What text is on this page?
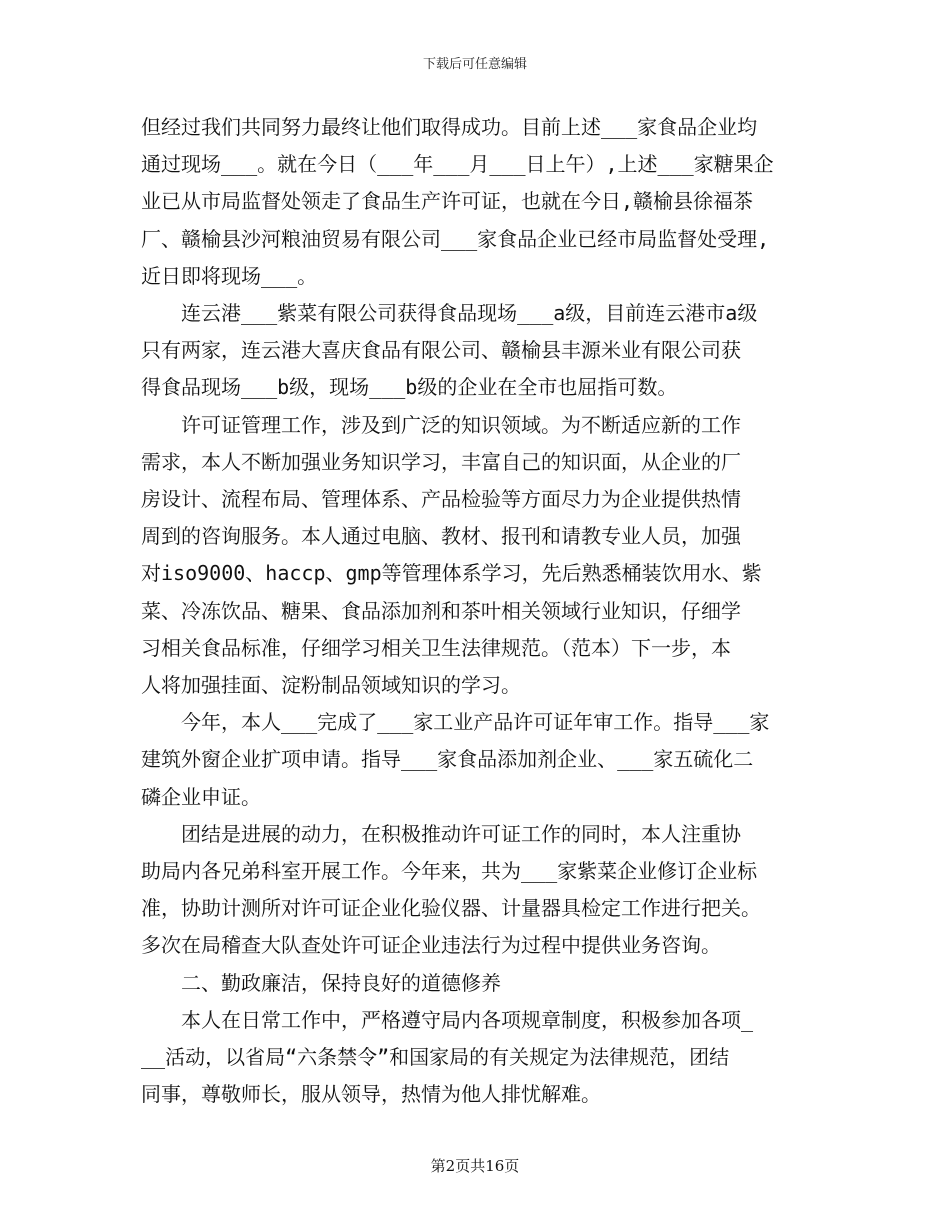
下载后可任意编辑

但经过我们共同努力最终让他们取得成功。目前上述___家食品企业均
通过现场___。就在今日（___年___月___日上午）,上述___家糖果企
业已从市局监督处领走了食品生产许可证，也就在今日,赣榆县徐福茶
厂、赣榆县沙河粮油贸易有限公司___家食品企业已经市局监督处受理,
近日即将现场___。

连云港___紫菜有限公司获得食品现场___a级，目前连云港市a级
只有两家，连云港大喜庆食品有限公司、赣榆县丰源米业有限公司获
得食品现场___b级，现场___b级的企业在全市也屈指可数。

许可证管理工作，涉及到广泛的知识领域。为不断适应新的工作
需求，本人不断加强业务知识学习，丰富自己的知识面，从企业的厂
房设计、流程布局、管理体系、产品检验等方面尽力为企业提供热情
周到的咨询服务。本人通过电脑、教材、报刊和请教专业人员，加强
对iso9000、haccp、gmp等管理体系学习，先后熟悉桶装饮用水、紫
菜、冷冻饮品、糖果、食品添加剂和茶叶相关领域行业知识，仔细学
习相关食品标准，仔细学习相关卫生法律规范。（范本）下一步，本
人将加强挂面、淀粉制品领域知识的学习。

今年，本人___完成了___家工业产品许可证年审工作。指导___家
建筑外窗企业扩项申请。指导___家食品添加剂企业、___家五硫化二
磷企业申证。

团结是进展的动力，在积极推动许可证工作的同时，本人注重协
助局内各兄弟科室开展工作。今年来，共为___家紫菜企业修订企业标
准，协助计测所对许可证企业化验仪器、计量器具检定工作进行把关。
多次在局稽查大队查处许可证企业违法行为过程中提供业务咨询。

二、勤政廉洁，保持良好的道德修养

本人在日常工作中，严格遵守局内各项规章制度，积极参加各项_
__活动，以省局“六条禁令”和国家局的有关规定为法律规范，团结
同事，尊敬师长，服从领导，热情为他人排忧解难。

第2页共16页
